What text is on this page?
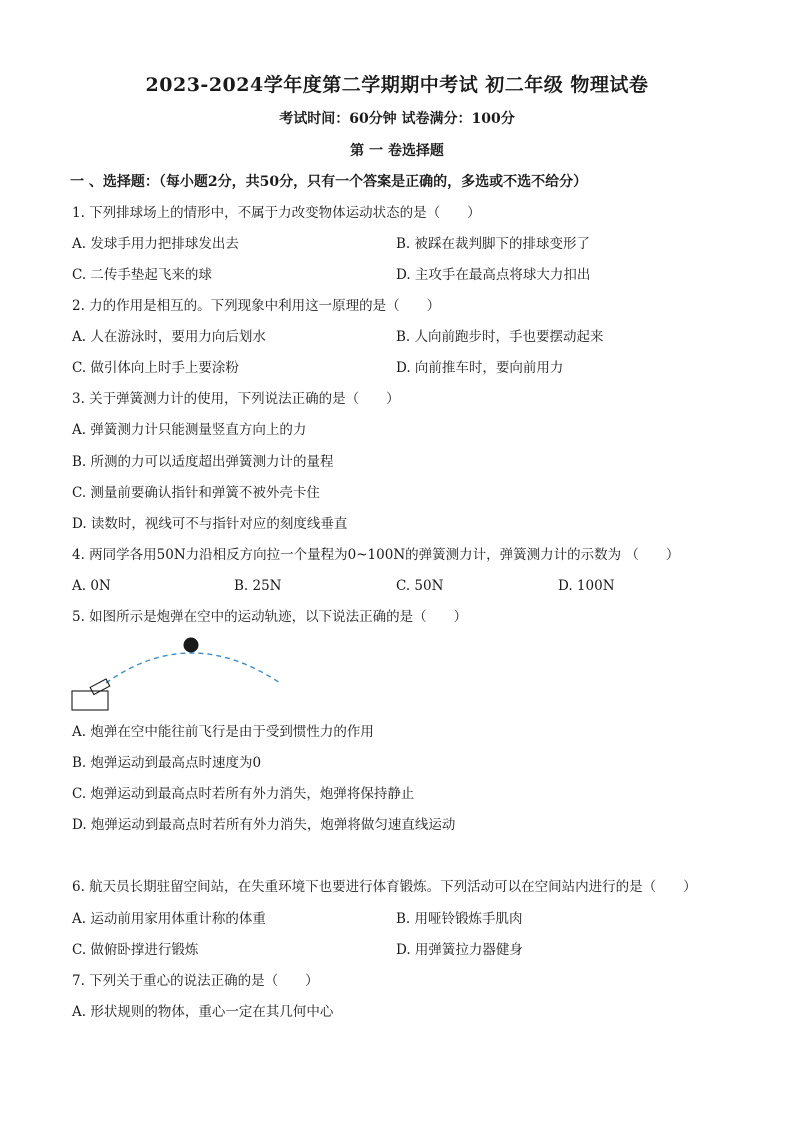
2023-2024学年度第二学期期中考试 初二年级 物理试卷
考试时间：60分钟 试卷满分：100分
第 一 卷选择题
一 、选择题：（每小题2分，共50分，只有一个答案是正确的，多选或不选不给分）
1. 下列排球场上的情形中，不属于力改变物体运动状态的是（　　）
A. 发球手用力把排球发出去	B. 被踩在裁判脚下的排球变形了
C. 二传手垫起飞来的球	D. 主攻手在最高点将球大力扣出
2. 力的作用是相互的。下列现象中利用这一原理的是（　　）
A. 人在游泳时，要用力向后划水	B. 人向前跑步时，手也要摆动起来
C. 做引体向上时手上要涂粉	D. 向前推车时，要向前用力
3. 关于弹簧测力计的使用，下列说法正确的是（　　）
A. 弹簧测力计只能测量竖直方向上的力
B. 所测的力可以适度超出弹簧测力计的量程
C. 测量前要确认指针和弹簧不被外壳卡住
D. 读数时，视线可不与指针对应的刻度线垂直
4. 两同学各用50N力沿相反方向拉一个量程为0~100N的弹簧测力计，弹簧测力计的示数为 （　　）
A. 0N	B. 25N	C. 50N	D. 100N
5. 如图所示是炮弹在空中的运动轨迹，以下说法正确的是（　　）
A. 炮弹在空中能往前飞行是由于受到惯性力的作用
B. 炮弹运动到最高点时速度为0
C. 炮弹运动到最高点时若所有外力消失，炮弹将保持静止
D. 炮弹运动到最高点时若所有外力消失，炮弹将做匀速直线运动
6. 航天员长期驻留空间站，在失重环境下也要进行体育锻炼。下列活动可以在空间站内进行的是（　　）
A. 运动前用家用体重计称的体重	B. 用哑铃锻炼手肌肉
C. 做俯卧撑进行锻炼	D. 用弹簧拉力器健身
7. 下列关于重心的说法正确的是（　　）
A. 形状规则的物体，重心一定在其几何中心
